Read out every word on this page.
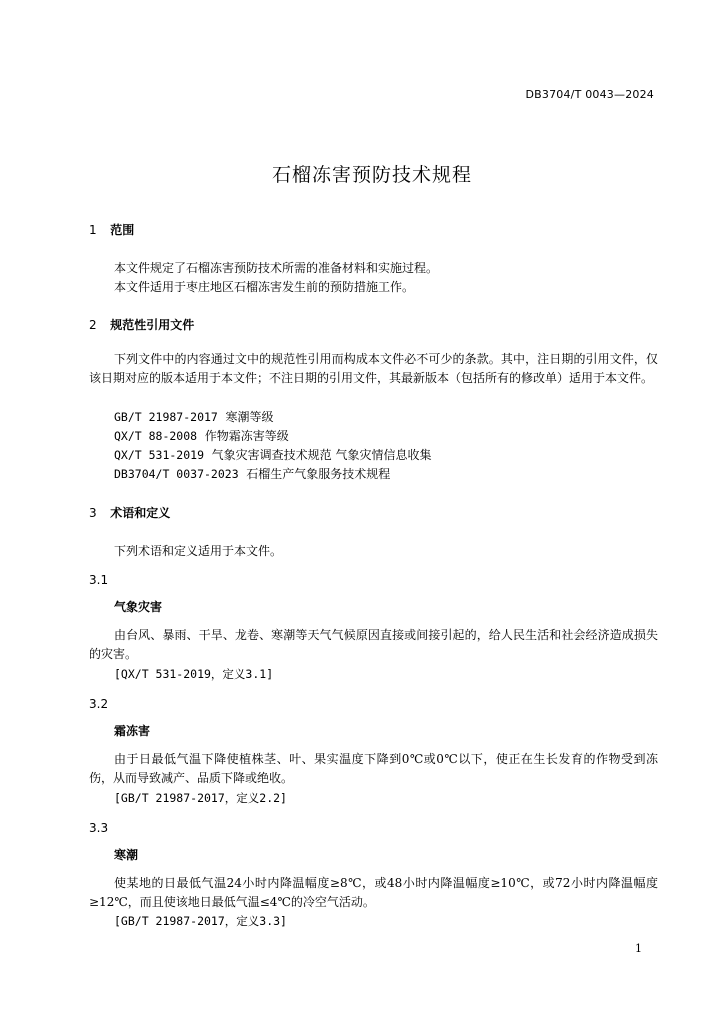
DB3704/T 0043—2024
石榴冻害预防技术规程
1 范围
本文件规定了石榴冻害预防技术所需的准备材料和实施过程。
本文件适用于枣庄地区石榴冻害发生前的预防措施工作。
2 规范性引用文件
下列文件中的内容通过文中的规范性引用而构成本文件必不可少的条款。其中，注日期的引用文件，仅该日期对应的版本适用于本文件；不注日期的引用文件，其最新版本（包括所有的修改单）适用于本文件。
GB/T 21987-2017 寒潮等级
QX/T 88-2008 作物霜冻害等级
QX/T 531-2019 气象灾害调查技术规范 气象灾情信息收集
DB3704/T 0037-2023 石榴生产气象服务技术规程
3 术语和定义
下列术语和定义适用于本文件。
3.1
气象灾害
由台风、暴雨、干旱、龙卷、寒潮等天气气候原因直接或间接引起的，给人民生活和社会经济造成损失的灾害。
[QX/T 531-2019，定义3.1]
3.2
霜冻害
由于日最低气温下降使植株茎、叶、果实温度下降到0℃或0℃以下，使正在生长发育的作物受到冻伤，从而导致减产、品质下降或绝收。
[GB/T 21987-2017，定义2.2]
3.3
寒潮
使某地的日最低气温24小时内降温幅度≥8℃，或48小时内降温幅度≥10℃，或72小时内降温幅度≥12℃，而且使该地日最低气温≤4℃的冷空气活动。
[GB/T 21987-2017，定义3.3]
1
